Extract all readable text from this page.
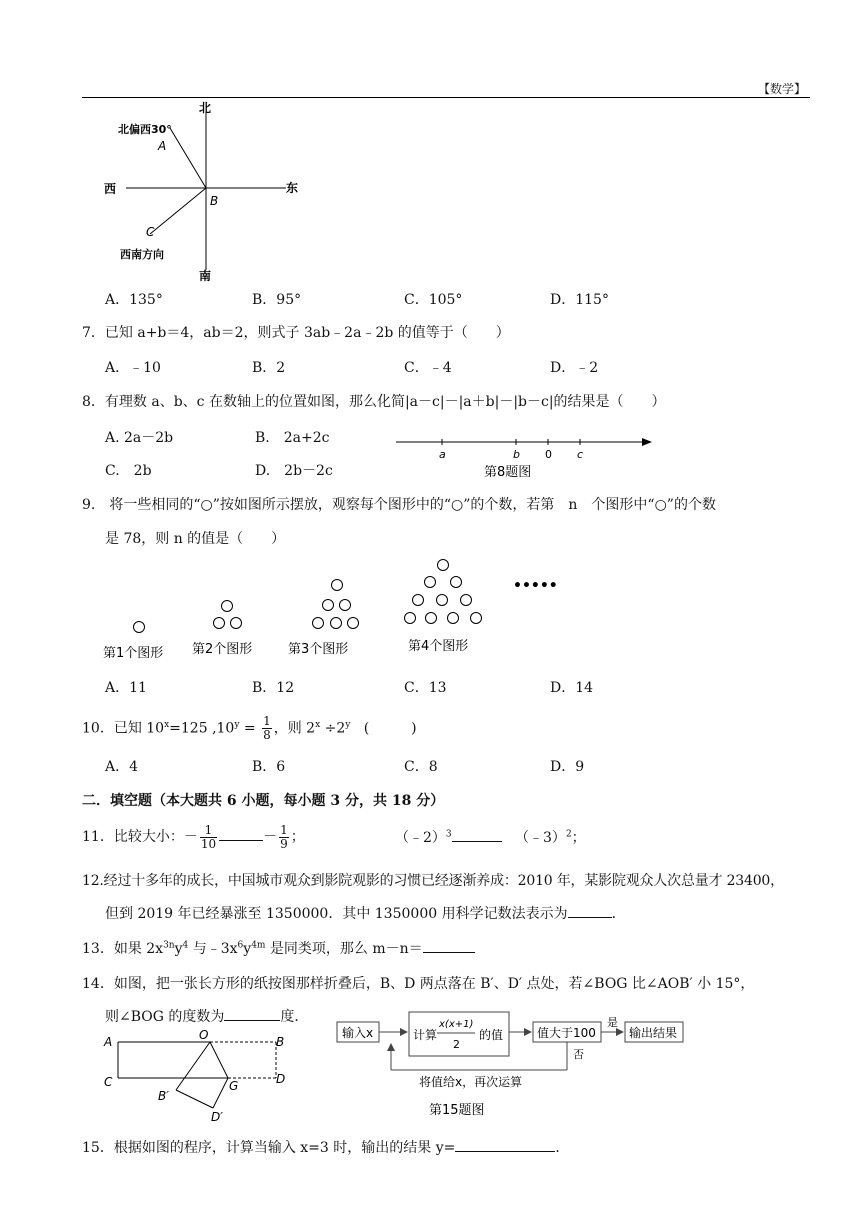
【数学】
北
南
东
西
北偏西30°
西南方向
A
B
C
A．135°	B．95°	C．105°	D．115°
7．已知 a+b＝4，ab＝2，则式子 3ab﹣2a﹣2b 的值等于（　　）
A．﹣10	B．2	C．﹣4	D．﹣2
8．有理数 a、b、c 在数轴上的位置如图，那么化简|a－c|－|a＋b|－|b－c|的结果是（　　）
A. 2a－2b	B.　2a+2c
C.　2b	D.　2b－2c
a	b 0 c
第8题图
9.　将一些相同的“○”按如图所示摆放，观察每个图形中的“○”的个数，若第　n　个图形中“○”的个数
是 78，则 n 的值是（　　）
•••••
第1个图形 第2个图形	第3个图形	第4个图形
A．11	B．12	C．13	D．14
10．已知 $10^x=125$ $,10^y = \frac{1}{8}$ ，则 $2^x \div 2^y$ (　　　)
A．4	B．6	C．8	D．9
二．填空题（本大题共 6 小题，每小题 3 分，共 18 分）
11．比较大小：－ $\frac{1}{10}$	－ $\frac{1}{9}$ ；	（﹣2）$^3$	（﹣3）$^2$；
12.经过十多年的成长，中国城市观众到影院观影的习惯已经逐渐养成：2010 年，某影院观众人次总量才 23400，
但到 2019 年已经暴涨至 1350000．其中 1350000 用科学记数法表示为	．
13．如果 $2x^{3n}y^4$ 与$﹣3x^6y^{4m}$ 是同类项，那么 m－n＝
14．如图，把一张长方形的纸按图那样折叠后，B、D 两点落在 B′、D′ 点处，若∠BOG 比∠AOB′ 小 15°，
则∠BOG 的度数为	度．
A	O	B
C	G	D
B′
D′
输入x	计算
x(x+1)
2
的值	值大于100
是
输出结果
否
将值给x，再次运算
第15题图
15．根据如图的程序，计算当输入 x=3 时，输出的结果 y=	．
